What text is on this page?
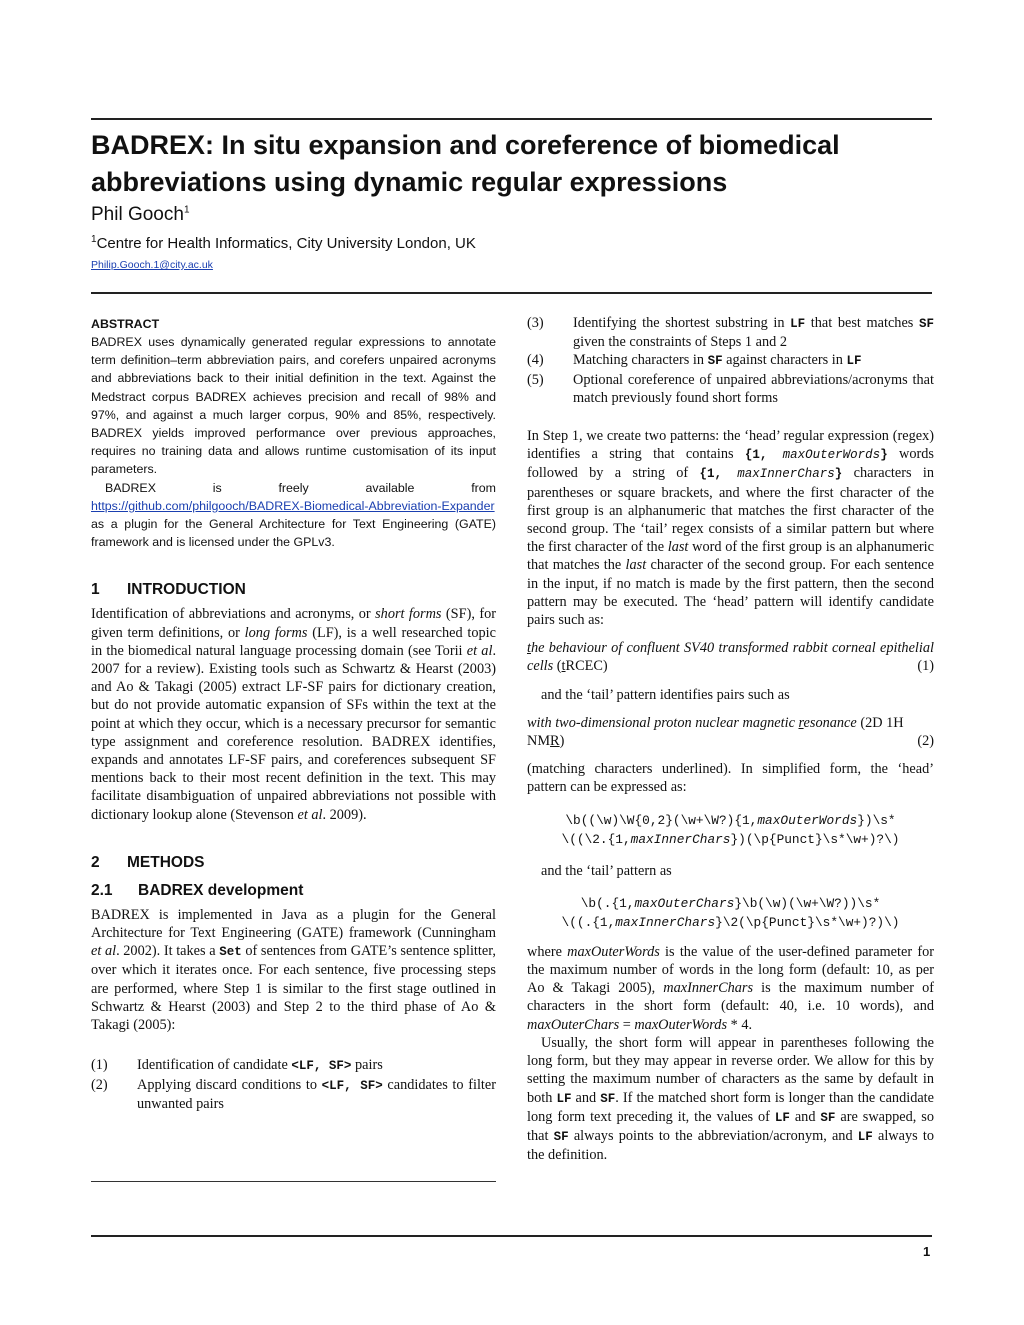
BADREX: In situ expansion and coreference of biomedical abbreviations using dynamic regular expressions
Phil Gooch$^1$
$^1$Centre for Health Informatics, City University London, UK
Philip.Gooch.1@city.ac.uk
ABSTRACT

BADREX uses dynamically generated regular expressions to annotate term definition–term abbreviation pairs, and corefers unpaired acronyms and abbreviations back to their initial definition in the text. Against the Medstract corpus BADREX achieves precision and recall of 98% and 97%, and against a much larger corpus, 90% and 85%, respectively. BADREX yields improved performance over previous approaches, requires no training data and allows runtime customisation of its input parameters.

BADREX is freely available from https://github.com/philgooch/BADREX-Biomedical-Abbreviation-Expander as a plugin for the General Architecture for Text Engineering (GATE) framework and is licensed under the GPLv3.

1 INTRODUCTION

Identification of abbreviations and acronyms, or short forms (SF), for given term definitions, or long forms (LF), is a well researched topic in the biomedical natural language processing domain (see Torii et al. 2007 for a review). Existing tools such as Schwartz & Hearst (2003) and Ao & Takagi (2005) extract LF-SF pairs for dictionary creation, but do not provide automatic expansion of SFs within the text at the point at which they occur, which is a necessary precursor for semantic type assignment and coreference resolution. BADREX identifies, expands and annotates LF-SF pairs, and coreferences subsequent SF mentions back to their most recent definition in the text. This may facilitate disambiguation of unpaired abbreviations not possible with dictionary lookup alone (Stevenson et al. 2009).

2 METHODS
2.1 BADREX development

BADREX is implemented in Java as a plugin for the General Architecture for Text Engineering (GATE) framework (Cunningham et al. 2002). It takes a Set of sentences from GATE’s sentence splitter, over which it iterates once. For each sentence, five processing steps are performed, where Step 1 is similar to the first stage outlined in Schwartz & Hearst (2003) and Step 2 to the third phase of Ao & Takagi (2005):

(1)	Identification of candidate <LF, SF> pairs
(2)	Applying discard conditions to <LF, SF> candidates to filter unwanted pairs
(3)	Identifying the shortest substring in LF that best matches SF given the constraints of Steps 1 and 2
(4)	Matching characters in SF against characters in LF
(5)	Optional coreference of unpaired abbreviations/acronyms that match previously found short forms

In Step 1, we create two patterns: the ‘head’ regular expression (regex) identifies a string that contains {1, maxOuterWords} words followed by a string of {1, maxInnerChars} characters in parentheses or square brackets, and where the first character of the first group is an alphanumeric that matches the first character of the second group. The ‘tail’ regex consists of a similar pattern but where the first character of the last word of the first group is an alphanumeric that matches the last character of the second group. For each sentence in the input, if no match is made by the first pattern, then the second pattern may be executed. The ‘head’ pattern will identify candidate pairs such as:

the behaviour of confluent SV40 transformed rabbit corneal epithelial cells (tRCEC)	(1)

and the ‘tail’ pattern identifies pairs such as

with two-dimensional proton nuclear magnetic resonance (2D 1H NMR)	(2)

(matching characters underlined). In simplified form, the ‘head’ pattern can be expressed as:

\b((\w)\W{0,2}(\w+\W?){1,maxOuterWords})\s*
\((\2.{1,maxInnerChars})(\p{Punct}\s*\w+)?\)

and the ‘tail’ pattern as

\b(.{1,maxOuterChars}\b(\w)(\w+\W?))\s*
\((.{1,maxInnerChars}\2(\p{Punct}\s*\w+)?)\)

where maxOuterWords is the value of the user-defined parameter for the maximum number of words in the long form (default: 10, as per Ao & Takagi 2005), maxInnerChars is the maximum number of characters in the short form (default: 40, i.e. 10 words), and maxOuterChars = maxOuterWords * 4.

Usually, the short form will appear in parentheses following the long form, but they may appear in reverse order. We allow for this by setting the maximum number of characters as the same by default in both LF and SF. If the matched short form is longer than the candidate long form text preceding it, the values of LF and SF are swapped, so that SF always points to the abbreviation/acronym, and LF always to the definition.

1
